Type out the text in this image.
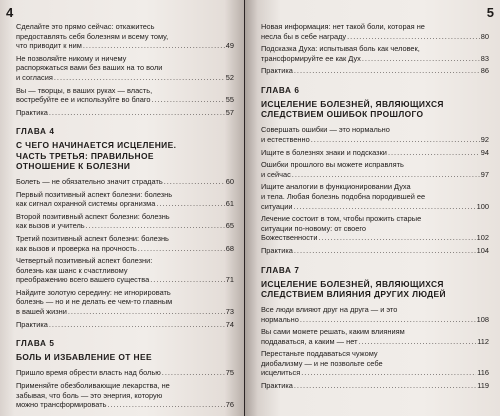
4
Сделайте это прямо сейчас: откажитесь
предоставлять себя болезням и всему тому,
что приводит к ним .....	49
Не позволяйте никому и ничему
распоряжаться вами без ваших на то воли
и согласия .....	52
Вы — творцы, в ваших руках — власть,
востребуйте ее и используйте во благо .....	55
Практика .....	57
ГЛАВА 4
С ЧЕГО НАЧИНАЕТСЯ ИСЦЕЛЕНИЕ.
ЧАСТЬ ТРЕТЬЯ: ПРАВИЛЬНОЕ
ОТНОШЕНИЕ К БОЛЕЗНИ
Болеть — не обязательно значит страдать .....	60
Первый позитивный аспект болезни: болезнь
как сигнал охранной системы организма .....	61
Второй позитивный аспект болезни: болезнь
как вызов и учитель .....	65
Третий позитивный аспект болезни: болезнь
как вызов и проверка на прочность .....	68
Четвертый позитивный аспект болезни:
болезнь как шанс к счастливому
преображению всего вашего существа .....	71
Найдите золотую середину: не игнорировать
болезнь — но и не делать ее чем-то главным
в вашей жизни .....	73
Практика .....	74
ГЛАВА 5
БОЛЬ И ИЗБАВЛЕНИЕ ОТ НЕЕ
Пришло время обрести власть над болью .....	75
Применяйте обезболивающие лекарства, не
забывая, что боль — это энергия, которую
можно трансформировать .....	76
5
Новая информация: нет такой боли, которая не
несла бы в себе награду .....	80
Подсказка Духа: испытывая боль как человек,
трансформируйте ее как Дух .....	83
Практика .....	86
ГЛАВА 6
ИСЦЕЛЕНИЕ БОЛЕЗНЕЙ, ЯВЛЯЮЩИХСЯ
СЛЕДСТВИЕМ ОШИБОК ПРОШЛОГО
Совершать ошибки — это нормально
и естественно .....	92
Ищите в болезнях знаки и подсказки .....	94
Ошибки прошлого вы можете исправлять
и сейчас .....	97
Ищите аналогии в функционировании Духа
и тела. Любая болезнь подобна породившей ее
ситуации .....	100
Лечение состоит в том, чтобы прожить старые
ситуации по-новому: от своего
Божественности .....	102
Практика .....	104
ГЛАВА 7
ИСЦЕЛЕНИЕ БОЛЕЗНЕЙ, ЯВЛЯЮЩИХСЯ
СЛЕДСТВИЕМ ВЛИЯНИЯ ДРУГИХ ЛЮДЕЙ
Все люди влияют друг на друга — и это
нормально .....	108
Вы сами можете решать, каким влияниям
поддаваться, а каким — нет .....	112
Перестаньте поддаваться чужому
диобализму — и не позвольте себе
исцелиться .....	116
Практика .....	119
